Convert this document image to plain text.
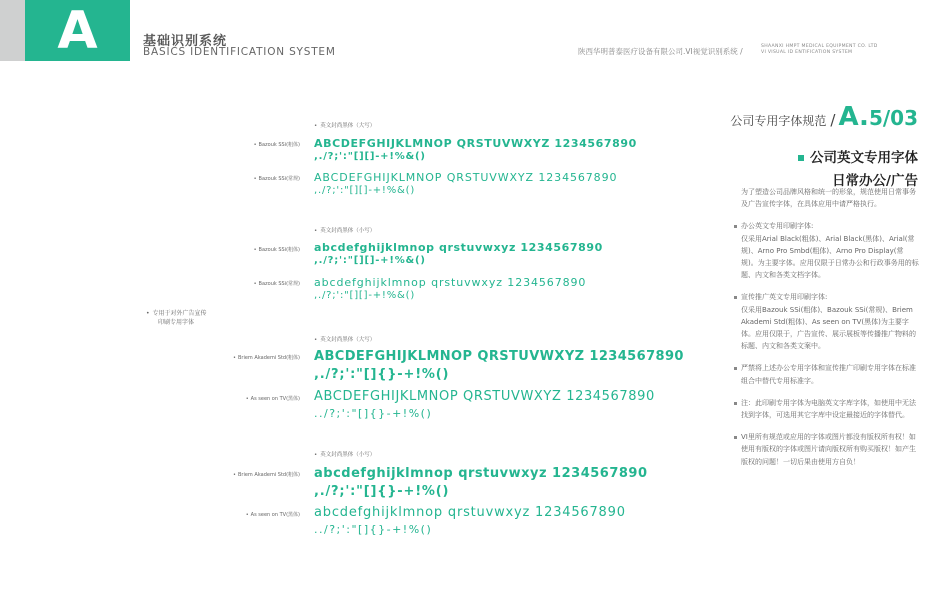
A	基础识别系统
BASICS IDENTIFICATION SYSTEM	陕西华明普泰医疗设备有限公司.VI视觉识别系统 /
SHAANXI HMPT MEDICAL EQUIPMENT CO. LTD
VI VISUAL ID ENTIFICATION SYSTEM
公司专用字体规范 / A. 5/03
公司英文专用字体
日常办公/广告
为了塑造公司品牌风格和统一的形象，规范使用日常事务及广告宣传字体，在具体应用中请严格执行。
办公英文专用印刷字体:
仅采用Arial Black(粗体)、Arial Black(黑体)、Arial(常规)、Arno Pro Smbd(粗体)、Arno Pro Display(常规)。为主要字体。应用仅限于日常办公和行政事务用的标题、内文和各类文档字体。
宣传推广英文专用印刷字体:
仅采用Bazouk SSi(粗体)、Bazouk SSi(常规)、Briem Akademi Std(粗体)、As seen on TV(黑体)为主要字体。应用仅限于，广告宣传、展示展板等传播推广物料的标题、内文和各类文案中。
严禁将上述办公专用字体和宣传推广印刷专用字体在标准组合中替代专用标准字。
注：此印刷专用字体为电脑英文字库字体，如使用中无法找到字体，可选用其它字库中设定最接近的字体替代。
VI里所有规范或应用的字体或图片都没有版权所有权！如使用有版权的字体或图片请向版权所有购买版权！如产生版权的问题！一切后果由使用方自负！
• 专用于对外广告宣传
印刷专用字体
• 英文封尚黑体（大写）
• Bazouk SSi(粗体) ABCDEFGHIJKLMNOP QRSTUVWXYZ 1234567890
,./?;':"[][]-+!%&()
• Bazouk SSi(常规) ABCDEFGHIJKLMNOP QRSTUVWXYZ 1234567890
,./?;':"[][]-+!%&()
• 英文封尚黑体（小写）
• Bazouk SSi(粗体) abcdefghijklmnop qrstuvwxyz 1234567890
,./?;':"[][]-+!%&()
• Bazouk SSi(常规) abcdefghijklmnop qrstuvwxyz 1234567890
,./?;':"[][]-+!%&()
• 英文封尚黑体（大写）
• Briem Akademi Std(粗体) ABCDEFGHIJKLMNOP QRSTUVWXYZ 1234567890
,./?;':"[]{}-+!%()
• As seen on TV(黑体) ABCDEFGHIJKLMNOP QRSTUVWXYZ 1234567890
../?;':"[]{}-+!%()
• 英文封尚黑体（小写）
• Briem Akademi Std(粗体) abcdefghijklmnop qrstuvwxyz 1234567890
,./?;':"[]{}-+!%()
• As seen on TV(黑体) abcdefghijklmnop qrstuvwxyz 1234567890
../?;':"[]{}-+!%()
